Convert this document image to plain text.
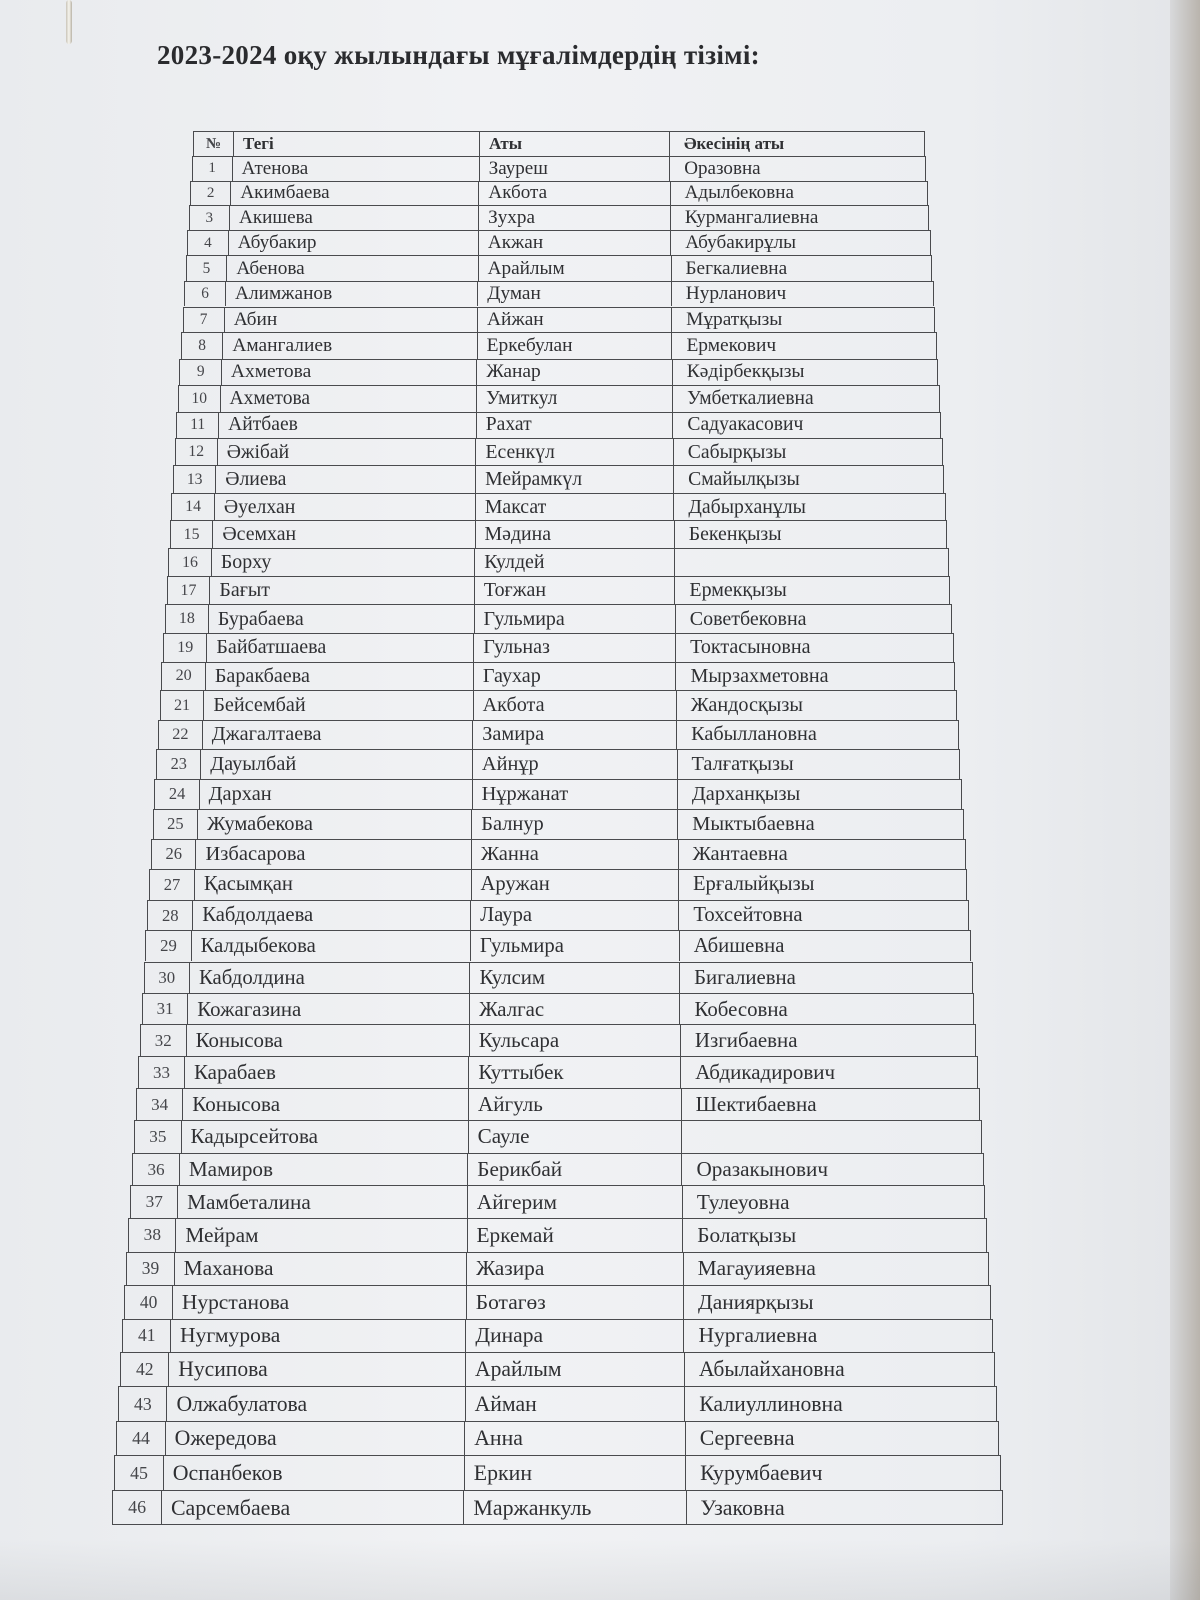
2023-2024 оқу жылындағы мұғалімдердің тізімі:
№	Тегі	Аты	Әкесінің аты
1	Атенова	Зауреш	Оразовна
2	Акимбаева	Акбота	Адылбековна
3	Акишева	Зухра	Курмангалиевна
4	Абубакир	Акжан	Абубакирұлы
5	Абенова	Арайлым	Бегкалиевна
6	Алимжанов	Думан	Нурланович
7	Абин	Айжан	Мұратқызы
8	Амангалиев	Еркебулан	Ермекович
9	Ахметова	Жанар	Кәдірбекқызы
10	Ахметова	Умиткул	Умбеткалиевна
11	Айтбаев	Рахат	Садуакасович
12	Әжібай	Есенкүл	Сабырқызы
13	Әлиева	Мейрамкүл	Смайылқызы
14	Әуелхан	Максат	Дабырханұлы
15	Әсемхан	Мәдина	Бекенқызы
16	Борху	Кулдей
17	Бағыт	Тоғжан	Ермекқызы
18	Бурабаева	Гульмира	Советбековна
19	Байбатшаева	Гульназ	Токтасыновна
20	Баракбаева	Гаухар	Мырзахметовна
21	Бейсембай	Акбота	Жандосқызы
22	Джагалтаева	Замира	Кабыллановна
23	Дауылбай	Айнұр	Талғатқызы
24	Дархан	Нұржанат	Дарханқызы
25	Жумабекова	Балнур	Мыктыбаевна
26	Избасарова	Жанна	Жантаевна
27	Қасымқан	Аружан	Ерғалыйқызы
28	Кабдолдаева	Лаура	Тохсейтовна
29	Калдыбекова	Гульмира	Абишевна
30	Кабдолдина	Кулсим	Бигалиевна
31	Кожагазина	Жалгас	Кобесовна
32	Конысова	Кульсара	Изгибаевна
33	Карабаев	Куттыбек	Абдикадирович
34	Конысова	Айгуль	Шектибаевна
35	Кадырсейтова	Сауле
36	Мамиров	Берикбай	Оразакынович
37	Мамбеталина	Айгерим	Тулеуовна
38	Мейрам	Еркемай	Болатқызы
39	Маханова	Жазира	Магауияевна
40	Нурстанова	Ботагөз	Даниярқызы
41	Нугмурова	Динара	Нургалиевна
42	Нусипова	Арайлым	Абылайхановна
43	Олжабулатова	Айман	Калиуллиновна
44	Ожередова	Анна	Сергеевна
45	Оспанбеков	Еркин	Курумбаевич
46	Сарсембаева	Маржанкуль	Узаковна
